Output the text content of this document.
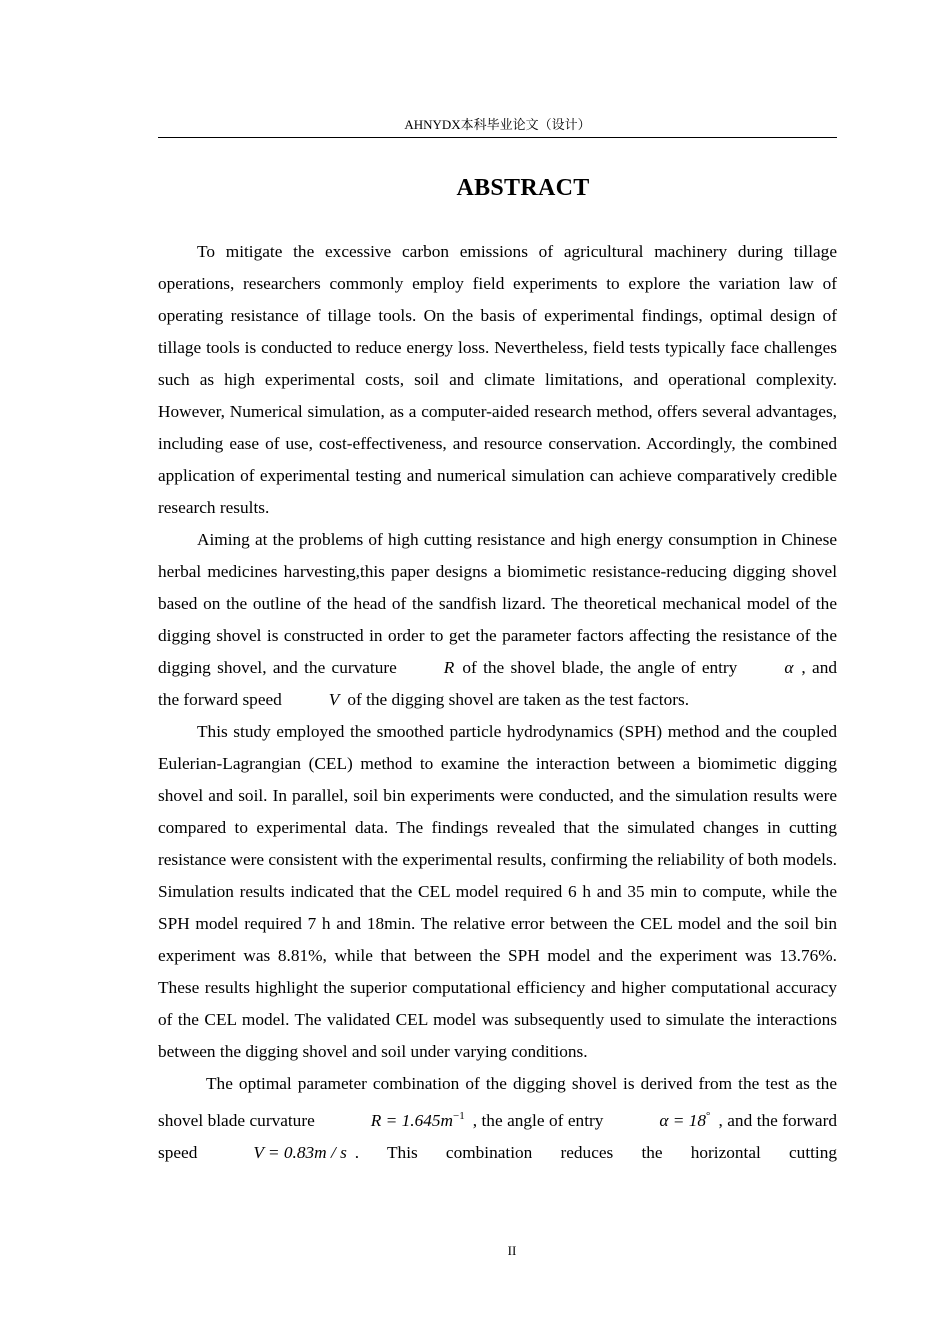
AHNYDX本科毕业论文（设计）
ABSTRACT

To mitigate the excessive carbon emissions of agricultural machinery during tillage operations, researchers commonly employ field experiments to explore the variation law of operating resistance of tillage tools. On the basis of experimental findings, optimal design of tillage tools is conducted to reduce energy loss. Nevertheless, field tests typically face challenges such as high experimental costs, soil and climate limitations, and operational complexity. However, Numerical simulation, as a computer-aided research method, offers several advantages, including ease of use, cost-effectiveness, and resource conservation. Accordingly, the combined application of experimental testing and numerical simulation can achieve comparatively credible research results.

Aiming at the problems of high cutting resistance and high energy consumption in Chinese herbal medicines harvesting,this paper designs a biomimetic resistance-reducing digging shovel based on the outline of the head of the sandfish lizard. The theoretical mechanical model of the digging shovel is constructed in order to get the parameter factors affecting the resistance of the digging shovel, and the curvature	R of the shovel blade, the angle of entry	α , and the forward speed	V of the digging shovel are taken as the test factors.

This study employed the smoothed particle hydrodynamics (SPH) method and the coupled Eulerian-Lagrangian (CEL) method to examine the interaction between a biomimetic digging shovel and soil. In parallel, soil bin experiments were conducted, and the simulation results were compared to experimental data. The findings revealed that the simulated changes in cutting resistance were consistent with the experimental results, confirming the reliability of both models. Simulation results indicated that the CEL model required 6 h and 35 min to compute, while the SPH model required 7 h and 18min. The relative error between the CEL model and the soil bin experiment was 8.81%, while that between the SPH model and the experiment was 13.76%. These results highlight the superior computational efficiency and higher computational accuracy of the CEL model. The validated CEL model was subsequently used to simulate the interactions between the digging shovel and soil under varying conditions.

The optimal parameter combination of the digging shovel is derived from the test as the shovel blade curvature	$R = 1.645m^{-1}$ , the angle of entry	α = 18° , and the forward speed	V = 0.83m / s . This combination reduces the horizontal cutting

II
